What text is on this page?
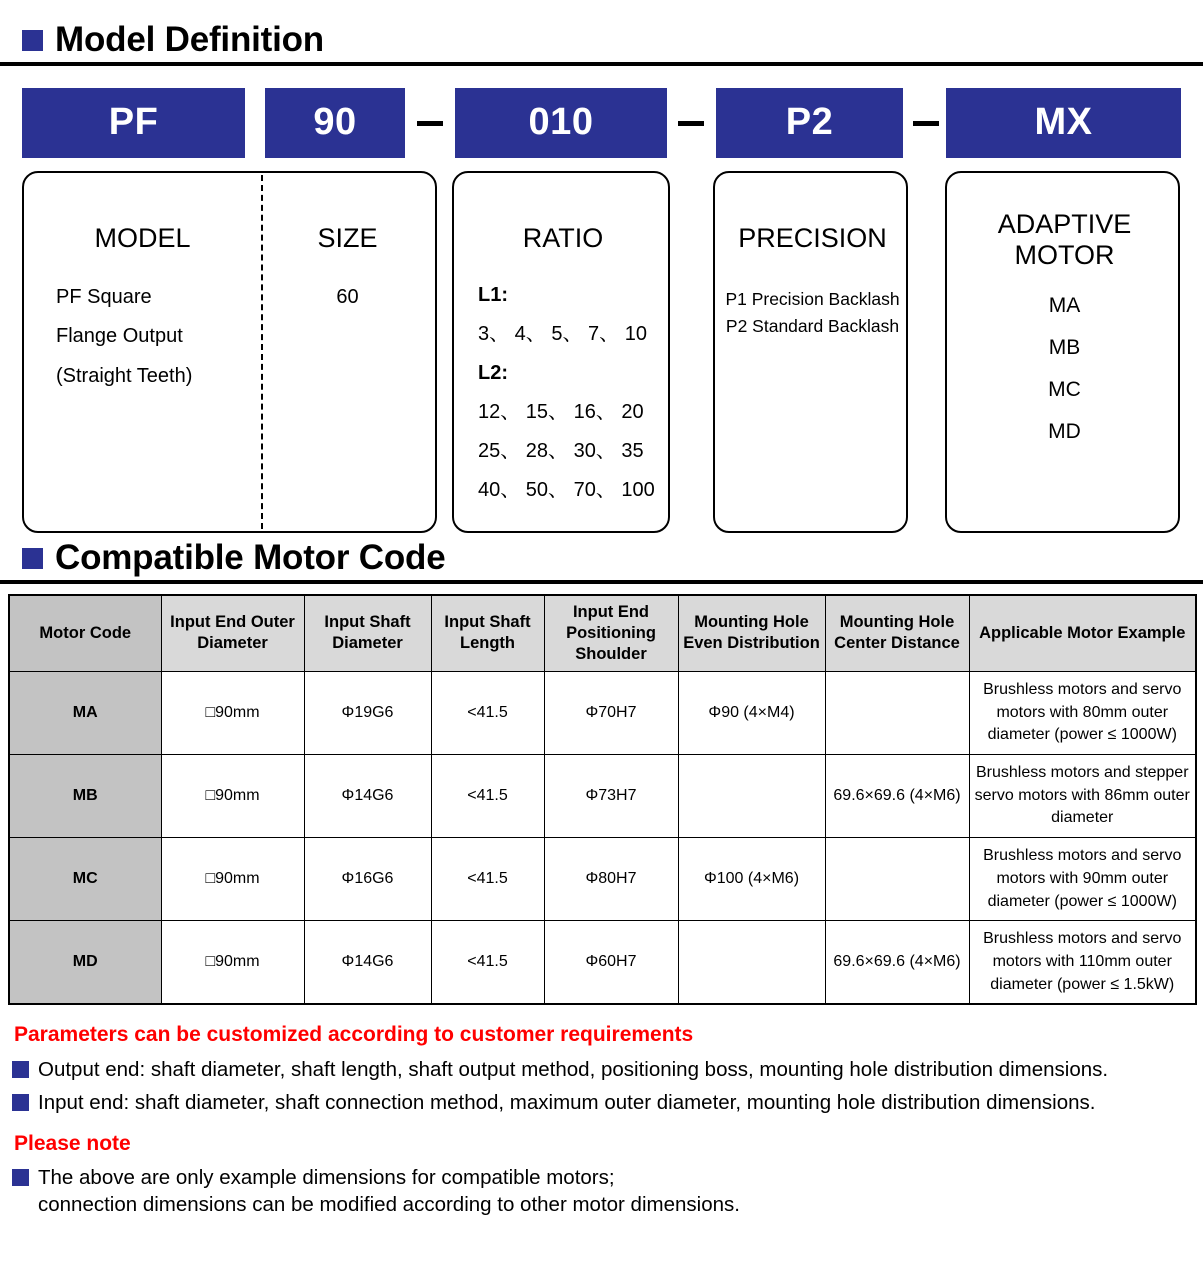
Model Definition
PF	90	010	P2	MX
MODEL
PF Square
Flange Output
(Straight Teeth)
SIZE
60
RATIO
L1:
3、 4、 5、 7、 10
L2:
12、 15、 16、 20
25、 28、 30、 35
40、 50、 70、 100
PRECISION
P1 Precision Backlash
P2 Standard Backlash
ADAPTIVE
MOTOR
MA
MB
MC
MD
Compatible Motor Code
Motor Code	Input End Outer Diameter	Input Shaft Diameter	Input Shaft Length	Input End Positioning Shoulder	Mounting Hole Even Distribution	Mounting Hole Center Distance	Applicable Motor Example
MA	□90mm	Φ19G6	<41.5	Φ70H7	Φ90 (4×M4)		Brushless motors and servo motors with 80mm outer diameter (power ≤ 1000W)
MB	□90mm	Φ14G6	<41.5	Φ73H7		69.6×69.6 (4×M6)	Brushless motors and stepper servo motors with 86mm outer diameter
MC	□90mm	Φ16G6	<41.5	Φ80H7	Φ100 (4×M6)		Brushless motors and servo motors with 90mm outer diameter (power ≤ 1000W)
MD	□90mm	Φ14G6	<41.5	Φ60H7		69.6×69.6 (4×M6)	Brushless motors and servo motors with 110mm outer diameter (power ≤ 1.5kW)
Parameters can be customized according to customer requirements
Output end: shaft diameter, shaft length, shaft output method, positioning boss, mounting hole distribution dimensions.
Input end: shaft diameter, shaft connection method, maximum outer diameter, mounting hole distribution dimensions.
Please note
The above are only example dimensions for compatible motors;
connection dimensions can be modified according to other motor dimensions.
